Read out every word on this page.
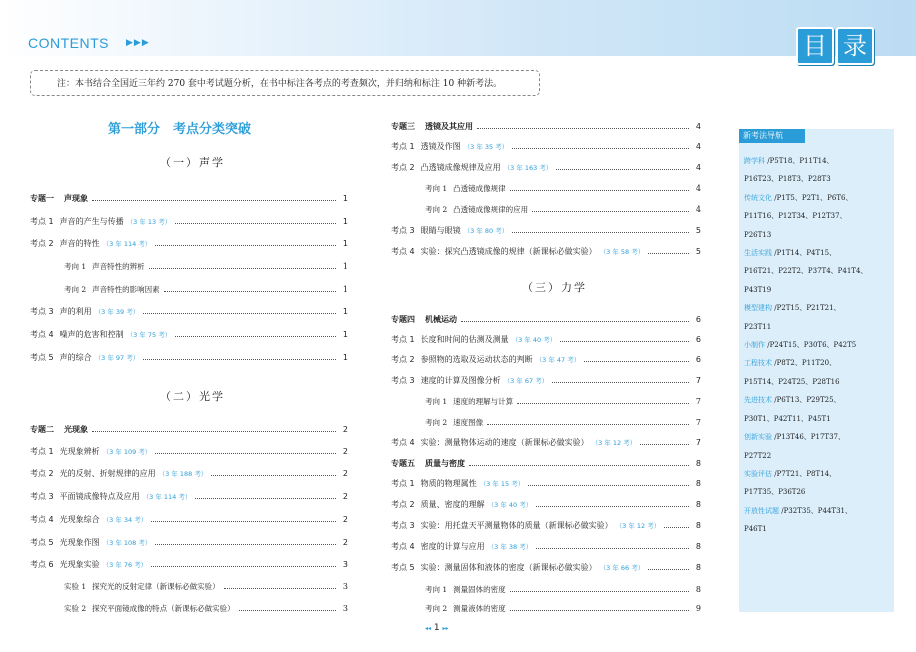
CONTENTS ▶▶▶	目 录
注：本书结合全国近三年约 270 套中考试题分析，在书中标注各考点的考查频次，并归纳和标注 10 种新考法。
第一部分　考点分类突破
（一）声学
（二）光学
（三）力学
专题一 声现象	1
考点 1 声音的产生与传播 （3 年 13 考）	1
考点 2 声音的特性 （3 年 114 考）	1
考向 1 声音特性的辨析	1
考向 2 声音特性的影响因素	1
考点 3 声的利用 （3 年 39 考）	1
考点 4 噪声的危害和控制 （3 年 75 考）	1
考点 5 声的综合 （3 年 97 考）	1
专题二 光现象	2
考点 1 光现象辨析 （3 年 109 考）	2
考点 2 光的反射、折射规律的应用 （3 年 188 考）	2
考点 3 平面镜成像特点及应用 （3 年 114 考）	2
考点 4 光现象综合 （3 年 34 考）	2
考点 5 光现象作图 （3 年 108 考）	2
考点 6 光现象实验 （3 年 76 考）	3
实验 1 探究光的反射定律（新课标必做实验）	3
实验 2 探究平面镜成像的特点（新课标必做实验）	3
专题三 透镜及其应用	4
考点 1 透镜及作图 （3 年 35 考）	4
考点 2 凸透镜成像规律及应用 （3 年 163 考）	4
考向 1 凸透镜成像规律	4
考向 2 凸透镜成像规律的应用	4
考点 3 眼睛与眼镜 （3 年 80 考）	5
考点 4 实验：探究凸透镜成像的规律（新课标必做实验） （3 年 58 考）	5
专题四 机械运动	6
考点 1 长度和时间的估测及测量 （3 年 40 考）	6
考点 2 参照物的选取及运动状态的判断 （3 年 47 考）	6
考点 3 速度的计算及图像分析 （3 年 67 考）	7
考向 1 速度的理解与计算	7
考向 2 速度图像	7
考点 4 实验：测量物体运动的速度（新课标必做实验） （3 年 12 考）	7
专题五 质量与密度	8
考点 1 物质的物理属性 （3 年 15 考）	8
考点 2 质量、密度的理解 （3 年 40 考）	8
考点 3 实验：用托盘天平测量物体的质量（新课标必做实验） （3 年 12 考）	8
考点 4 密度的计算与应用 （3 年 38 考）	8
考点 5 实验：测量固体和液体的密度（新课标必做实验） （3 年 66 考）	8
考向 1 测量固体的密度	8
考向 2 测量液体的密度	9
新考法导航
跨学科 /P5T18、P11T14、
P16T23、P18T3、P28T3
传统文化 /P1T5、P2T1、P6T6、
P11T16、P12T34、P12T37、
P26T13
生活实践 /P1T14、P4T15、
P16T21、P22T2、P37T4、P41T4、
P43T19
模型建构 /P2T15、P21T21、
P23T11
小制作 /P24T15、P30T6、P42T5
工程技术 /P8T2、P11T20、
P15T14、P24T25、P28T16
先进技术 /P6T13、P29T25、
P30T1、P42T11、P45T1
创新实验 /P13T46、P17T37、
P27T22
实验评估 /P7T21、P8T14、
P17T35、P36T26
开放性试题 /P32T35、P44T31、
P46T1
◂◂ 1 ▸▸
